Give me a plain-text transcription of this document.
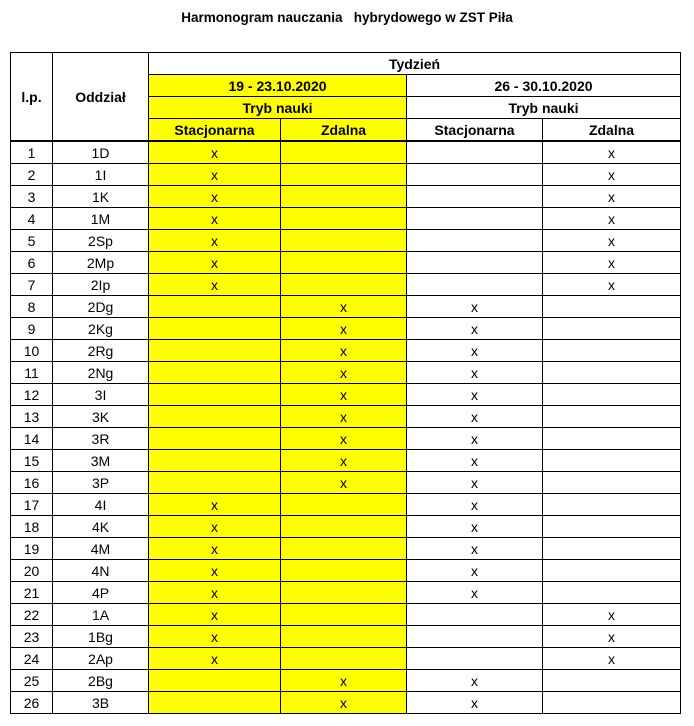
Harmonogram nauczania   hybrydowego w ZST Piła
l.p.	Oddział	Tydzień			
		19 - 23.10.2020		26 - 30.10.2020	
		Tryb nauki		Tryb nauki	
		Stacjonarna	Zdalna	Stacjonarna	Zdalna
1	1D	x			x
2	1I	x			x
3	1K	x			x
4	1M	x			x
5	2Sp	x			x
6	2Mp	x			x
7	2Ip	x			x
8	2Dg		x	x	
9	2Kg		x	x	
10	2Rg		x	x	
11	2Ng		x	x	
12	3I		x	x	
13	3K		x	x	
14	3R		x	x	
15	3M		x	x	
16	3P		x	x	
17	4I	x		x	
18	4K	x		x	
19	4M	x		x	
20	4N	x		x	
21	4P	x		x	
22	1A	x			x
23	1Bg	x			x
24	2Ap	x			x
25	2Bg		x	x	
26	3B		x	x	
